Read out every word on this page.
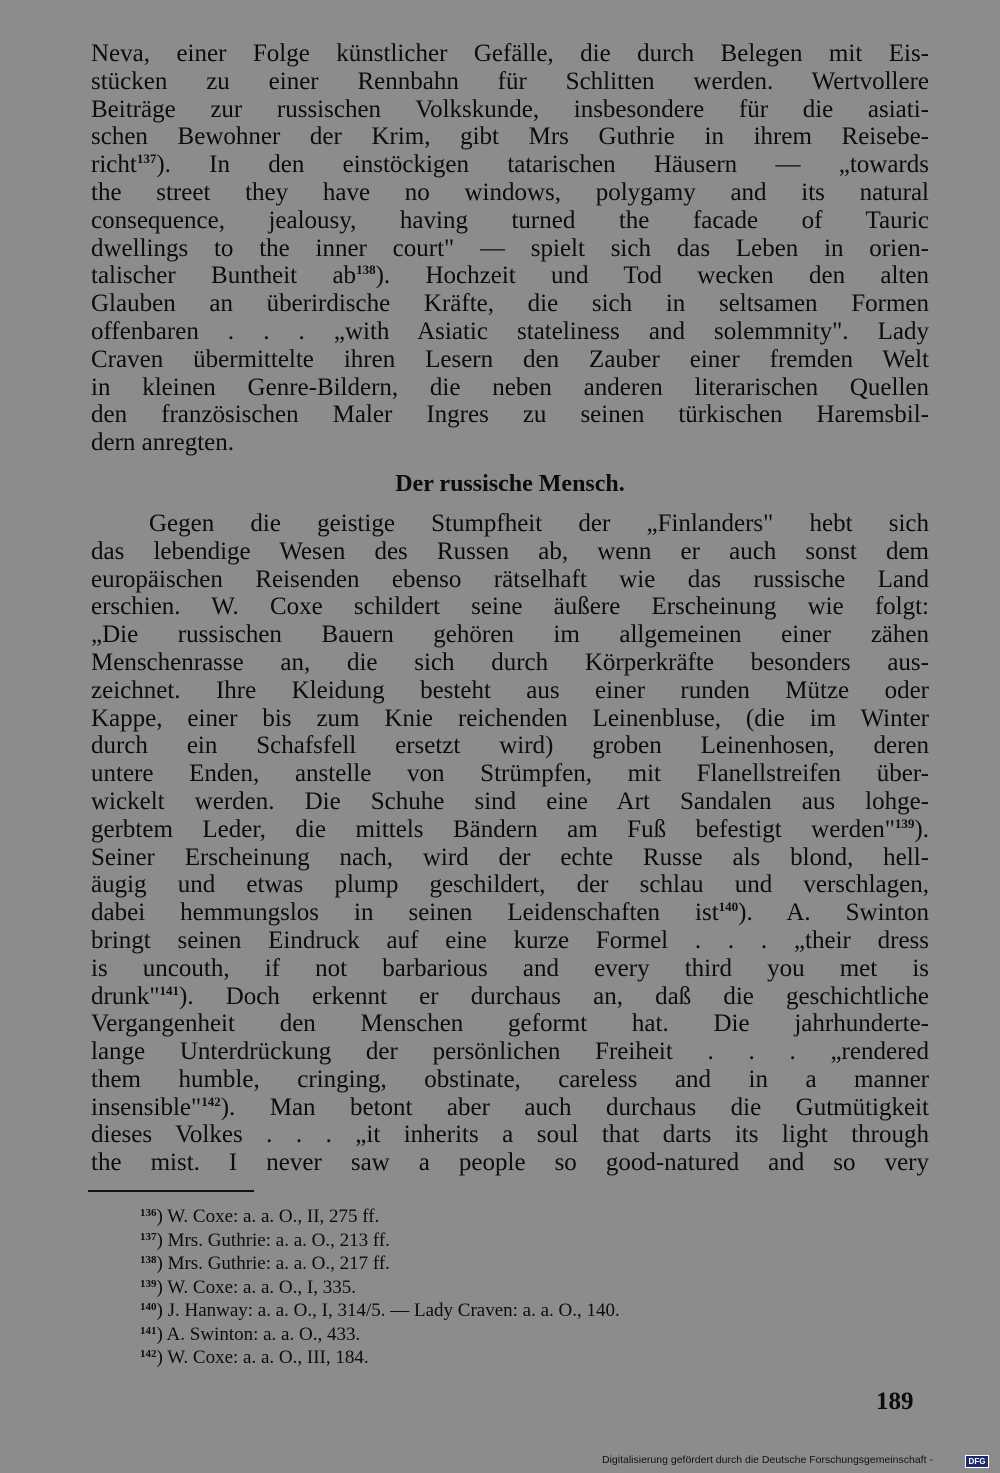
Neva, einer Folge künstlicher Gefälle, die durch Belegen mit Eis-
stücken zu einer Rennbahn für Schlitten werden. Wertvollere
Beiträge zur russischen Volkskunde, insbesondere für die asiati-
schen Bewohner der Krim, gibt Mrs Guthrie in ihrem Reisebe-
richt$^{137}$). In den einstöckigen tatarischen Häusern — „towards
the street they have no windows, polygamy and its natural
consequence, jealousy, having turned the facade of Tauric
dwellings to the inner court" — spielt sich das Leben in orien-
talischer Buntheit $ab^{138}$). Hochzeit und Tod wecken den alten
Glauben an überirdische Kräfte, die sich in seltsamen Formen
offenbaren . . . „with Asiatic stateliness and solemmnity". Lady
Craven übermittelte ihren Lesern den Zauber einer fremden Welt
in kleinen Genre-Bildern, die neben anderen literarischen Quellen
den französischen Maler Ingres zu seinen türkischen Haremsbil-
dern anregten.
Der russische Mensch.
Gegen die geistige Stumpfheit der „Finlanders" hebt sich
das lebendige Wesen des Russen ab, wenn er auch sonst dem
europäischen Reisenden ebenso rätselhaft wie das russische Land
erschien. W. Coxe schildert seine äußere Erscheinung wie folgt:
„Die russischen Bauern gehören im allgemeinen einer zähen
Menschenrasse an, die sich durch Körperkräfte besonders aus-
zeichnet. Ihre Kleidung besteht aus einer runden Mütze oder
Kappe, einer bis zum Knie reichenden Leinenbluse, (die im Winter
durch ein Schafsfell ersetzt wird) groben Leinenhosen, deren
untere Enden, anstelle von Strümpfen, mit Flanellstreifen über-
wickelt werden. Die Schuhe sind eine Art Sandalen aus lohge-
gerbtem Leder, die mittels Bändern am Fuß befestigt werden"$^{139}$).
Seiner Erscheinung nach, wird der echte Russe als blond, hell-
äugig und etwas plump geschildert, der schlau und verschlagen,
dabei hemmungslos in seinen Leidenschaften ist$^{140}$). A. Swinton
bringt seinen Eindruck auf eine kurze Formel . . . „their dress
is uncouth, if not barbarious and every third you met is
drunk"$^{141}$). Doch erkennt er durchaus an, daß die geschichtliche
Vergangenheit den Menschen geformt hat. Die jahrhunderte-
lange Unterdrückung der persönlichen Freiheit . . . „rendered
them humble, cringing, obstinate, careless and in a manner
insensible"$^{142}$). Man betont aber auch durchaus die Gutmütigkeit
dieses Volkes . . . „it inherits a soul that darts its light through
the mist. I never saw a people so good-natured and so very
$^{136}$) W. Coxe: a. a. O., II, 275 ff.
$^{137}$) Mrs. Guthrie: a. a. O., 213 ff.
$^{138}$) Mrs. Guthrie: a. a. O., 217 ff.
$^{139}$) W. Coxe: a. a. O., I, 335.
$^{140}$) J. Hanway: a. a. O., I, 314/5. — Lady Craven: a. a. O., 140.
$^{141}$) A. Swinton: a. a. O., 433.
$^{142}$) W. Coxe: a. a. O., III, 184.
189
Digitalisierung gefördert durch die Deutsche Forschungsgemeinschaft -	DFG
